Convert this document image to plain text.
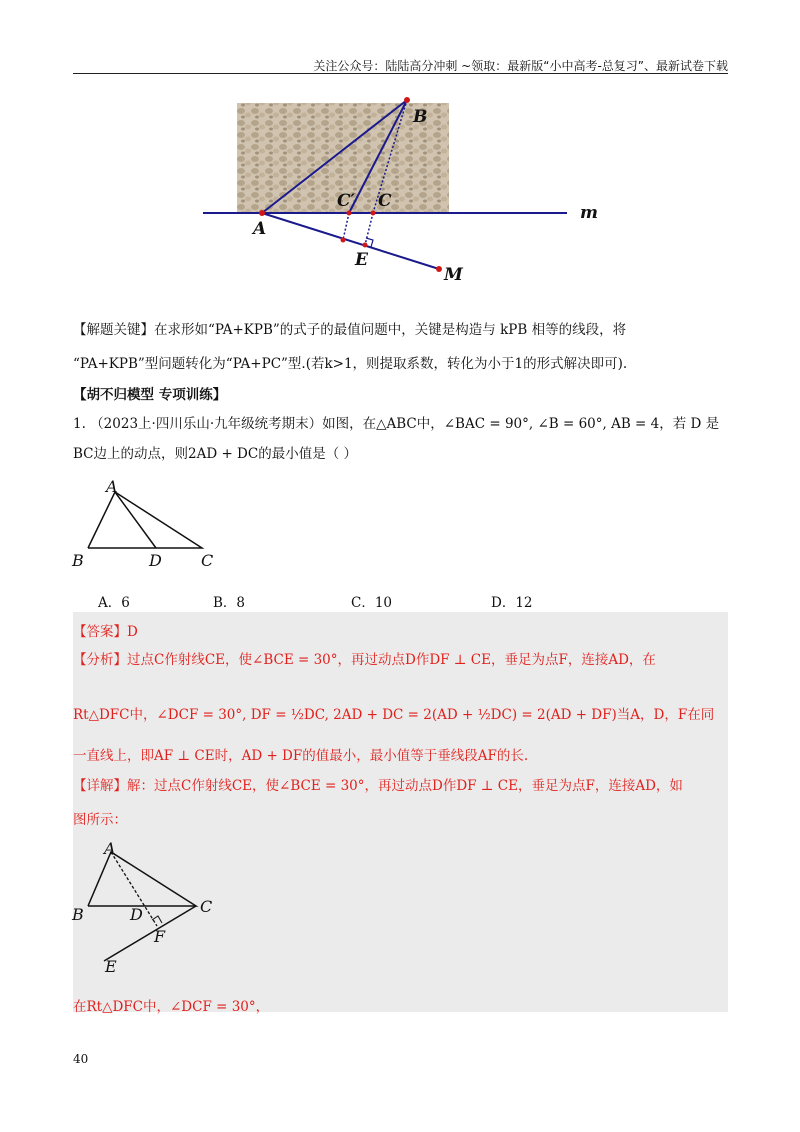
关注公众号：陆陆高分冲刺 ~领取：最新版“小中高考-总复习”、最新试卷下载
B
C′ C
A
E
M
m
【解题关键】在求形如“PA+KPB”的式子的最值问题中，关键是构造与 kPB 相等的线段，将
“PA+KPB”型问题转化为“PA+PC”型.(若k>1，则提取系数，转化为小于1的形式解决即可).
【胡不归模型 专项训练】
1. （2023上·四川乐山·九年级统考期末）如图，在△ABC中，∠BAC = 90°, ∠B = 60°, AB = 4，若 D 是
BC边上的动点，则2AD + DC的最小值是（ ）
A
B	D C
A．6	B．8	C．10	D．12
【答案】D
【分析】过点C作射线CE，使∠BCE = 30°，再过动点D作DF ⊥ CE，垂足为点F，连接AD，在
Rt△DFC中，∠DCF = 30°, DF = ½DC, 2AD + DC = 2(AD + ½DC) = 2(AD + DF)当A，D，F在同
一直线上，即AF ⊥ CE时，AD + DF的值最小，最小值等于垂线段AF的长.
【详解】解：过点C作射线CE，使∠BCE = 30°，再过动点D作DF ⊥ CE，垂足为点F，连接AD，如
图所示：
A
B	D	C
F
E
在Rt△DFC中，∠DCF = 30°，
40
